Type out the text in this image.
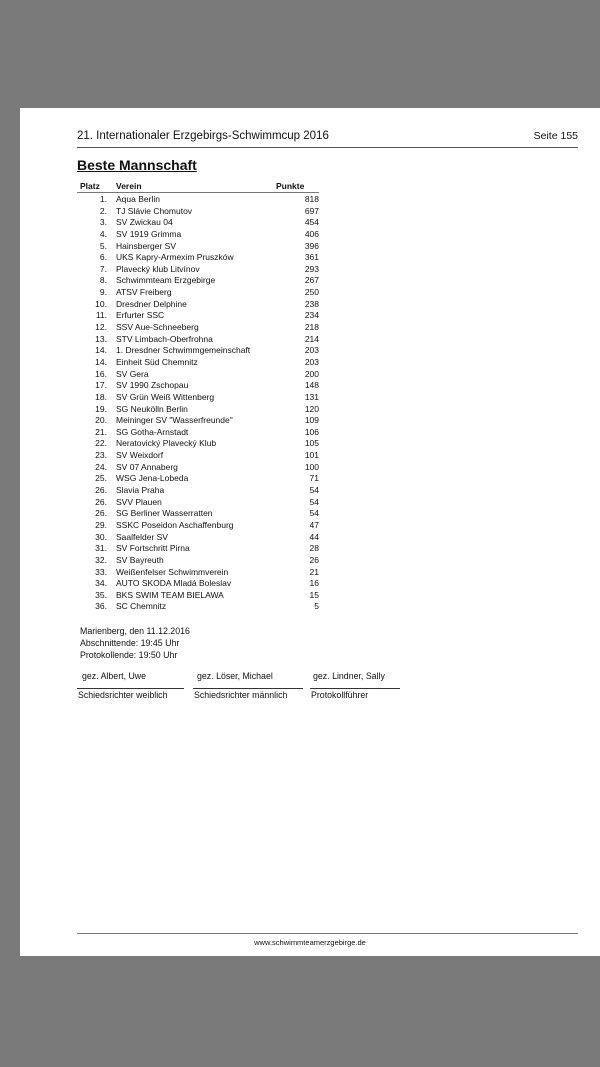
21. Internationaler Erzgebirgs-Schwimmcup 2016	Seite 155
Beste Mannschaft
Platz Verein	Punkte
1. Aqua Berlin	818
2. TJ Slávie Chomutov	697
3. SV Zwickau 04	454
4. SV 1919 Grimma	406
5. Hainsberger SV	396
6. UKS Kapry-Armexim Pruszków	361
7. Plavecký klub Litvínov	293
8. Schwimmteam Erzgebirge	267
9. ATSV Freiberg	250
10. Dresdner Delphine	238
11. Erfurter SSC	234
12. SSV Aue-Schneeberg	218
13. STV Limbach-Oberfrohna	214
14. 1. Dresdner Schwimmgemeinschaft	203
14. Einheit Süd Chemnitz	203
16. SV Gera	200
17. SV 1990 Zschopau	148
18. SV Grün Weiß Wittenberg	131
19. SG Neukölln Berlin	120
20. Meininger SV "Wasserfreunde"	109
21. SG Gotha-Arnstadt	106
22. Neratovický Plavecký Klub	105
23. SV Weixdorf	101
24. SV 07 Annaberg	100
25. WSG Jena-Lobeda	71
26. Slavia Praha	54
26. SVV Plauen	54
26. SG Berliner Wasserratten	54
29. SSKC Poseidon Aschaffenburg	47
30. Saalfelder SV	44
31. SV Fortschritt Pirna	28
32. SV Bayreuth	26
33. Weißenfelser Schwimmverein	21
34. AUTO SKODA Mladá Boleslav	16
35. BKS SWIM TEAM BIELAWA	15
36. SC Chemnitz	5
Marienberg, den 11.12.2016
Abschnittende: 19:45 Uhr
Protokollende: 19:50 Uhr
gez. Albert, Uwe	gez. Löser, Michael	gez. Lindner, Sally
Schiedsrichter weiblich	Schiedsrichter männlich	Protokollführer
www.schwimmteamerzgebirge.de
